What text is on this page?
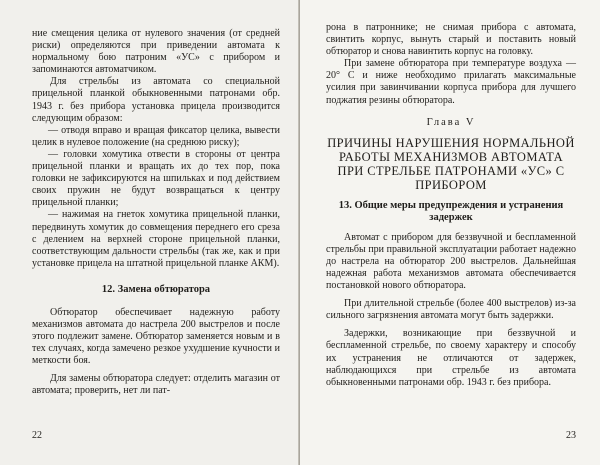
ние смещения целика от нулевого значения (от средней риски) определяются при приведении автомата к нормальному бою патроним «УС» с прибором и запоминаются автоматчиком.

Для стрельбы из автомата со специальной прицельной планкой обыкновенными патронами обр. 1943 г. без прибора установка прицела производится следующим образом:

— отводя вправо и вращая фиксатор целика, вывести целик в нулевое положение (на среднюю риску);

— головки хомутика отвести в стороны от центра прицельной планки и вращать их до тех пор, пока головки не зафиксируются на шпильках и под действием своих пружин не будут возвращаться к центру прицельной планки;

— нажимая на гнеток хомутика прицельной планки, передвинуть хомутик до совмещения переднего его среза с делением на верхней стороне прицельной планки, соответствующим дальности стрельбы (так же, как и при установке прицела на штатной прицельной планке АКМ).

12. Замена обтюратора

Обтюратор обеспечивает надежную работу механизмов автомата до настрела 200 выстрелов и после этого подлежит замене. Обтюратор заменяется новым и в тех случаях, когда замечено резкое ухудшение кучности и меткости боя.

Для замены обтюратора следует: отделить магазин от автомата; проверить, нет ли пат-

22

рона в патроннике; не снимая прибора с автомата, свинтить корпус, вынуть старый и поставить новый обтюратор и снова навинтить корпус на головку.

При замене обтюратора при температуре воздуха — 20° С и ниже необходимо прилагать максимальные усилия при завинчивании корпуса прибора для лучшего поджатия резины обтюратора.

Глава V
ПРИЧИНЫ НАРУШЕНИЯ НОРМАЛЬНОЙ РАБОТЫ МЕХАНИЗМОВ АВТОМАТА ПРИ СТРЕЛЬБЕ ПАТРОНАМИ «УС» С ПРИБОРОМ
13. Общие меры предупреждения и устранения задержек

Автомат с прибором для беззвучной и беспламенной стрельбы при правильной эксплуатации работает надежно до настрела на обтюратор 200 выстрелов. Дальнейшая надежная работа механизмов автомата обеспечивается постановкой нового обтюратора.

При длительной стрельбе (более 400 выстрелов) из-за сильного загрязнения автомата могут быть задержки.

Задержки, возникающие при беззвучной и беспламенной стрельбе, по своему характеру и способу их устранения не отличаются от задержек, наблюдающихся при стрельбе из автомата обыкновенными патронами обр. 1943 г. без прибора.

23
